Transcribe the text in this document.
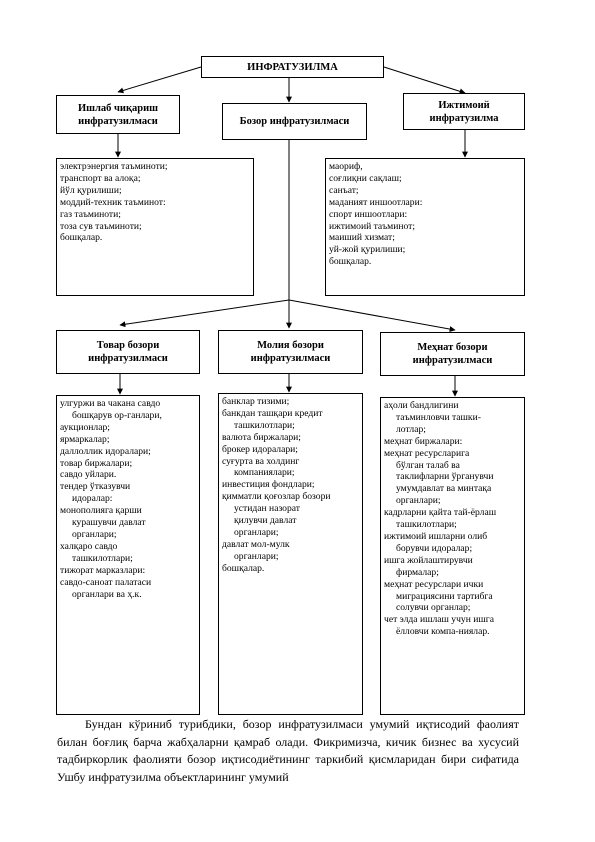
ИНФРАТУЗИЛМА
Ишлаб чиқариш инфратузилмаси	Бозор инфратузилмаси
Ижтимоий инфратузилма
электрэнергия таъминоти;
транспорт ва алоқа;
йўл қурилиши;
моддий-техник таъминот:
газ таъминоти;
тоза сув таъминоти;
бошқалар.
маориф,
соғлиқни сақлаш;
санъат;
маданият иншоотлари:
спорт иншоотлари:
ижтимоий таъминот;
маиший хизмат;
уй-жой қурилиши;
бошқалар.
Товар бозори инфратузилмаси
Молия бозори инфратузилмаси
Меҳнат бозори инфратузилмаси
улгуржи ва чакана савдо
бошқарув ор-ганлари,
аукционлар;
ярмаркалар;
даллоллик идоралари;
товар биржалари;
савдо уйлари.
тендер ўтказувчи
идоралар:
монополияга қарши
курашувчи давлат
органлари;
халқаро савдо
ташкилотлари;
тижорат марказлари:
савдо-саноат палатаси
органлари ва ҳ.к.
банклар тизими;
банкдан ташқари кредит
ташкилотлари;
валюта биржалари;
брокер идоралари;
суғурта ва холдинг
компаниялари;
инвестиция фондлари;
қимматли қоғозлар бозори
устидан назорат
қилувчи давлат
органлари;
давлат мол-мулк
органлари;
бошқалар.
аҳоли бандлигини
таъминловчи ташки-
лотлар;
меҳнат биржалари:
меҳнат ресурсларига
бўлган талаб ва
таклифларни ўрганувчи
умумдавлат ва минтақа
органлари;
кадрларни қайта тай-ёрлаш
ташкилотлари;
ижтимоий ишларни олиб
борувчи идоралар;
ишга жойлаштирувчи
фирмалар;
меҳнат ресурслари ички
миграциясини тартибга
солувчи органлар;
чет элда ишлаш учун ишга
ёлловчи компа-ниялар.
Бундан кўриниб турибдики, бозор инфратузилмаси умумий иқтисодий фаолият билан боғлиқ барча жабҳаларни қамраб олади. Фикримизча, кичик бизнес ва хусусий тадбиркорлик фаолияти бозор иқтисодиётининг таркибий қисмларидан бири сифатида Ушбу инфратузилма объектларининг умумий
